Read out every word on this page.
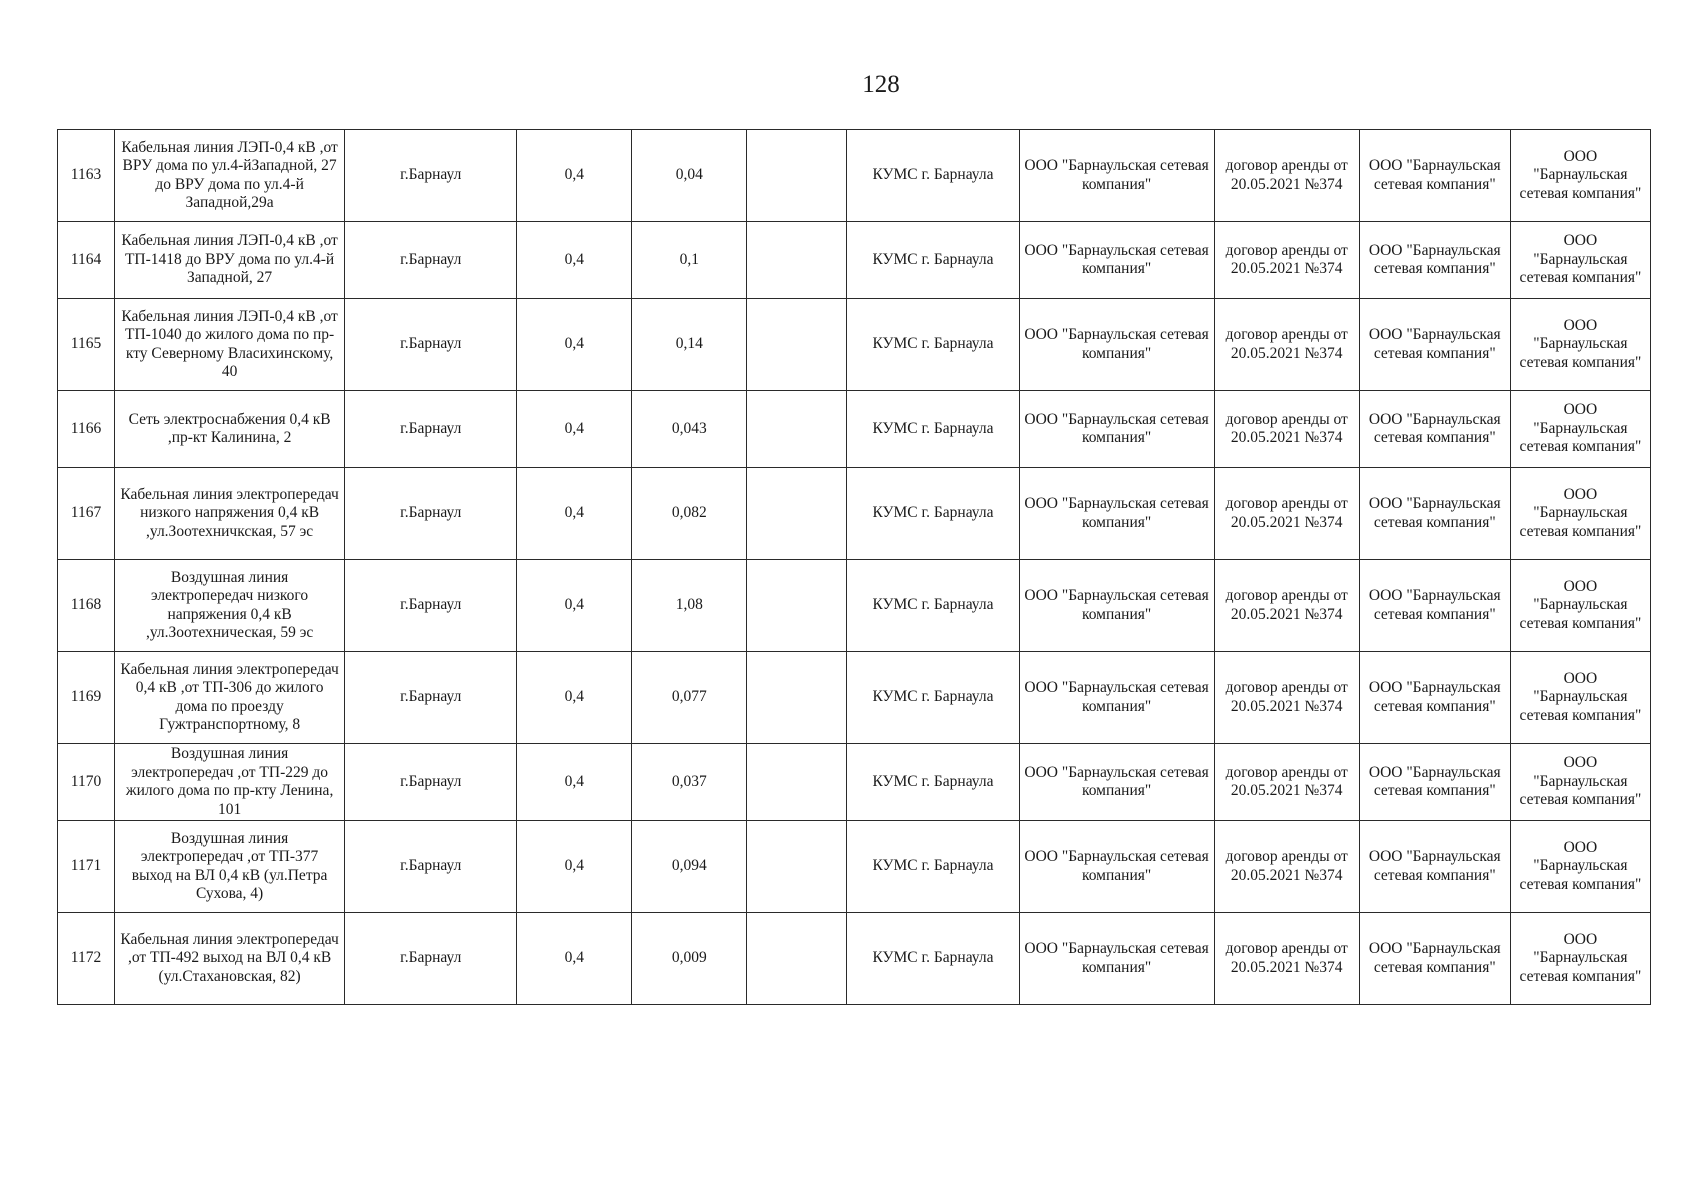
128
1163	Кабельная линия ЛЭП-0,4 кВ ,от ВРУ дома по ул.4-йЗападной, 27 до ВРУ дома по ул.4-й Западной,29а	г.Барнаул	0,4	0,04		КУМС г. Барнаула	ООО "Барнаульская сетевая компания"	договор аренды от 20.05.2021 №374	ООО "Барнаульская сетевая компания"	ООО "Барнаульская сетевая компания"
1164	Кабельная линия ЛЭП-0,4 кВ ,от ТП-1418 до ВРУ дома по ул.4-й Западной, 27	г.Барнаул	0,4	0,1		КУМС г. Барнаула	ООО "Барнаульская сетевая компания"	договор аренды от 20.05.2021 №374	ООО "Барнаульская сетевая компания"	ООО "Барнаульская сетевая компания"
1165	Кабельная линия ЛЭП-0,4 кВ ,от ТП-1040 до жилого дома по пр-кту Северному Власихинскому, 40	г.Барнаул	0,4	0,14		КУМС г. Барнаула	ООО "Барнаульская сетевая компания"	договор аренды от 20.05.2021 №374	ООО "Барнаульская сетевая компания"	ООО "Барнаульская сетевая компания"
1166	Сеть электроснабжения 0,4 кВ ,пр-кт Калинина, 2	г.Барнаул	0,4	0,043		КУМС г. Барнаула	ООО "Барнаульская сетевая компания"	договор аренды от 20.05.2021 №374	ООО "Барнаульская сетевая компания"	ООО "Барнаульская сетевая компания"
1167	Кабельная линия электропередач низкого напряжения 0,4 кВ ,ул.Зоотехничкская, 57 эс	г.Барнаул	0,4	0,082		КУМС г. Барнаула	ООО "Барнаульская сетевая компания"	договор аренды от 20.05.2021 №374	ООО "Барнаульская сетевая компания"	ООО "Барнаульская сетевая компания"
1168	Воздушная линия электропередач низкого напряжения 0,4 кВ ,ул.Зоотехническая, 59 эс	г.Барнаул	0,4	1,08		КУМС г. Барнаула	ООО "Барнаульская сетевая компания"	договор аренды от 20.05.2021 №374	ООО "Барнаульская сетевая компания"	ООО "Барнаульская сетевая компания"
1169	Кабельная линия электропередач 0,4 кВ ,от ТП-306 до жилого дома по проезду Гужтранспортному, 8	г.Барнаул	0,4	0,077		КУМС г. Барнаула	ООО "Барнаульская сетевая компания"	договор аренды от 20.05.2021 №374	ООО "Барнаульская сетевая компания"	ООО "Барнаульская сетевая компания"
1170	Воздушная линия электропередач ,от ТП-229 до жилого дома по пр-кту Ленина, 101	г.Барнаул	0,4	0,037		КУМС г. Барнаула	ООО "Барнаульская сетевая компания"	договор аренды от 20.05.2021 №374	ООО "Барнаульская сетевая компания"	ООО "Барнаульская сетевая компания"
1171	Воздушная линия электропередач ,от ТП-377 выход на ВЛ 0,4 кВ (ул.Петра Сухова, 4)	г.Барнаул	0,4	0,094		КУМС г. Барнаула	ООО "Барнаульская сетевая компания"	договор аренды от 20.05.2021 №374	ООО "Барнаульская сетевая компания"	ООО "Барнаульская сетевая компания"
1172	Кабельная линия электропередач ,от ТП-492 выход на ВЛ 0,4 кВ (ул.Стахановская, 82)	г.Барнаул	0,4	0,009		КУМС г. Барнаула	ООО "Барнаульская сетевая компания"	договор аренды от 20.05.2021 №374	ООО "Барнаульская сетевая компания"	ООО "Барнаульская сетевая компания"
